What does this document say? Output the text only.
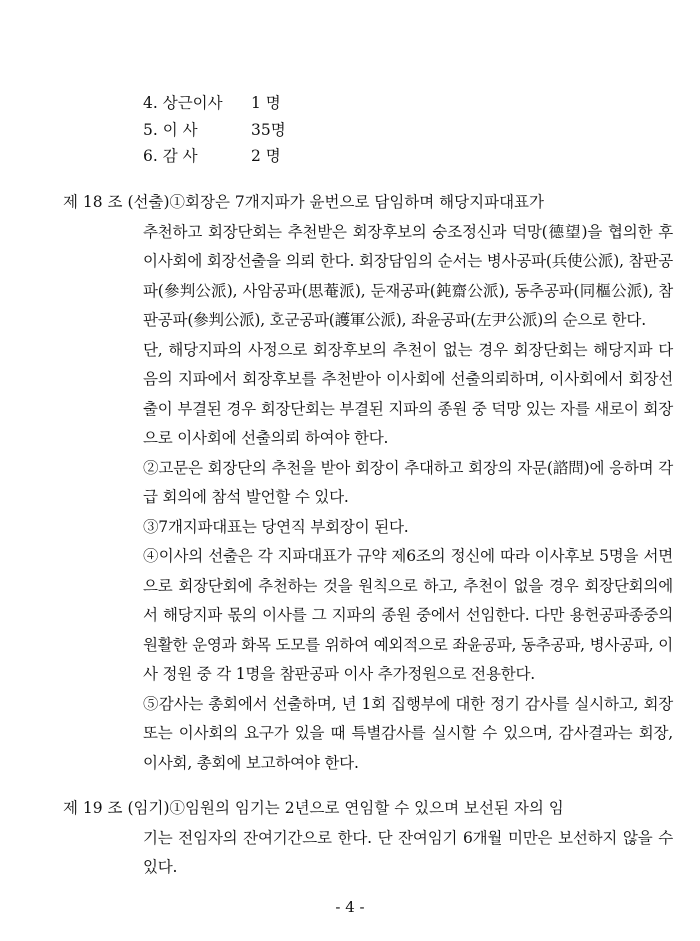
4. 상근이사 1 명
5. 이 사	35명
6. 감 사	2 명
제 18 조 (선출)①회장은 7개지파가 윤번으로 담임하며 해당지파대표가

추천하고 회장단회는 추천받은 회장후보의 숭조정신과 덕망(德望)을 협의한 후 이사회에 회장선출을 의뢰 한다. 회장담임의 순서는 병사공파(兵使公派), 참판공파(參判公派), 사암공파(思菴派), 둔재공파(鈍齋公派), 동추공파(同樞公派), 참판공파(參判公派), 호군공파(護軍公派), 좌윤공파(左尹公派)의 순으로 한다.

단, 해당지파의 사정으로 회장후보의 추천이 없는 경우 회장단회는 해당지파 다음의 지파에서 회장후보를 추천받아 이사회에 선출의뢰하며, 이사회에서 회장선출이 부결된 경우 회장단회는 부결된 지파의 종원 중 덕망 있는 자를 새로이 회장으로 이사회에 선출의뢰 하여야 한다.

②고문은 회장단의 추천을 받아 회장이 추대하고 회장의 자문(諮問)에 응하며 각급 회의에 참석 발언할 수 있다.

③7개지파대표는 당연직 부회장이 된다.

④이사의 선출은 각 지파대표가 규약 제6조의 정신에 따라 이사후보 5명을 서면으로 회장단회에 추천하는 것을 원칙으로 하고, 추천이 없을 경우 회장단회의에서 해당지파 몫의 이사를 그 지파의 종원 중에서 선임한다. 다만 용헌공파종중의 원활한 운영과 화목 도모를 위하여 예외적으로 좌윤공파, 동추공파, 병사공파, 이사 정원 중 각 1명을 참판공파 이사 추가정원으로 전용한다.

⑤감사는 총회에서 선출하며, 년 1회 집행부에 대한 정기 감사를 실시하고, 회장 또는 이사회의 요구가 있을 때 특별감사를 실시할 수 있으며, 감사결과는 회장, 이사회, 총회에 보고하여야 한다.

제 19 조 (임기)①임원의 임기는 2년으로 연임할 수 있으며 보선된 자의 임

기는 전임자의 잔여기간으로 한다. 단 잔여임기 6개월 미만은 보선하지 않을 수 있다.

- 4 -
